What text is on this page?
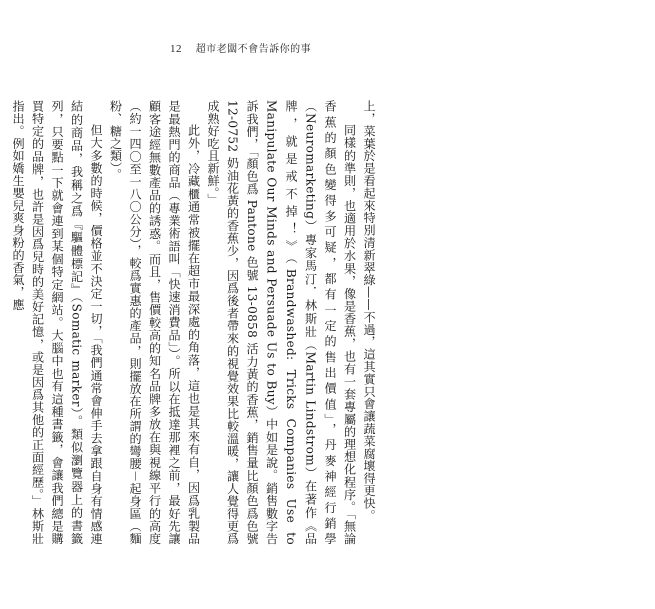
12 超市老闆不會告訴你的事

上，菜葉於是看起來特別清新翠綠——不過，這其實只會讓蔬菜腐壞得更快。

同樣的準則，也適用於水果，像是香蕉，也有一套專屬的理想化程序。「無論香蕉的顏色變得多可疑，都有一定的售出價值」，丹麥神經行銷學（Neuromarketing）專家馬汀．林斯壯（Martin Lindstrom）在著作《品牌，就是戒不掉！》（Brandwashed: Tricks Companies Use to Manipulate Our Minds and Persuade Us to Buy）中如是說。銷售數字告訴我們，「顏色爲 Pantone 色號 13-0858 活力黃的香蕉，銷售量比顏色爲色號 12-0752 奶油花黃的香蕉少，因爲後者帶來的視覺效果比較溫暖，讓人覺得更爲成熟好吃且新鮮。」

此外，冷藏櫃通常被擺在超市最深處的角落，這也是其來有自，因爲乳製品是最熱門的商品（專業術語叫「快速消費品」）。所以在抵達那裡之前，最好先讓顧客途經無數產品的誘惑。而且，售價較高的知名品牌多放在與視線平行的高度（約一四〇至一八〇公分），較爲實惠的產品，則擺放在所謂的彎腰－起身區（麵粉、糖之類）。

但大多數的時候，價格並不決定一切，「我們通常會伸手去拿跟自身有情感連結的商品，我稱之爲『驅體標記』（Somatic marker）。類似瀏覽器上的書籤列，只要點一下就會連到某個特定網站。大腦中也有這種書籤，會讓我們總是購買特定的品牌，也許是因爲兒時的美好記憶，或是因爲其他的正面經歷。」林斯壯指出。例如嬌生嬰兒爽身粉的香氣，應
